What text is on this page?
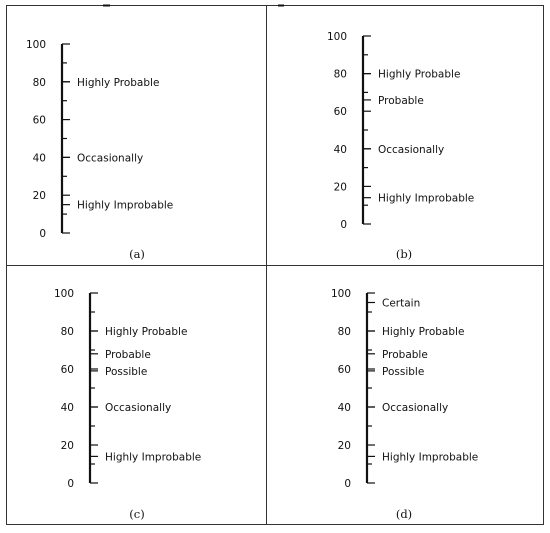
0
20
40
60
80
100
Highly Probable
Occasionally
Highly Improbable
(a)
0
20
40
60
80
100
Highly Probable
Probable
Occasionally
Highly Improbable
(b)
0
20
40
60
80
100
Highly Probable
Probable
Possible
Occasionally
Highly Improbable
(c)
0
20
40
60
80
100
Certain
Highly Probable
Probable
Possible
Occasionally
Highly Improbable
(d)
